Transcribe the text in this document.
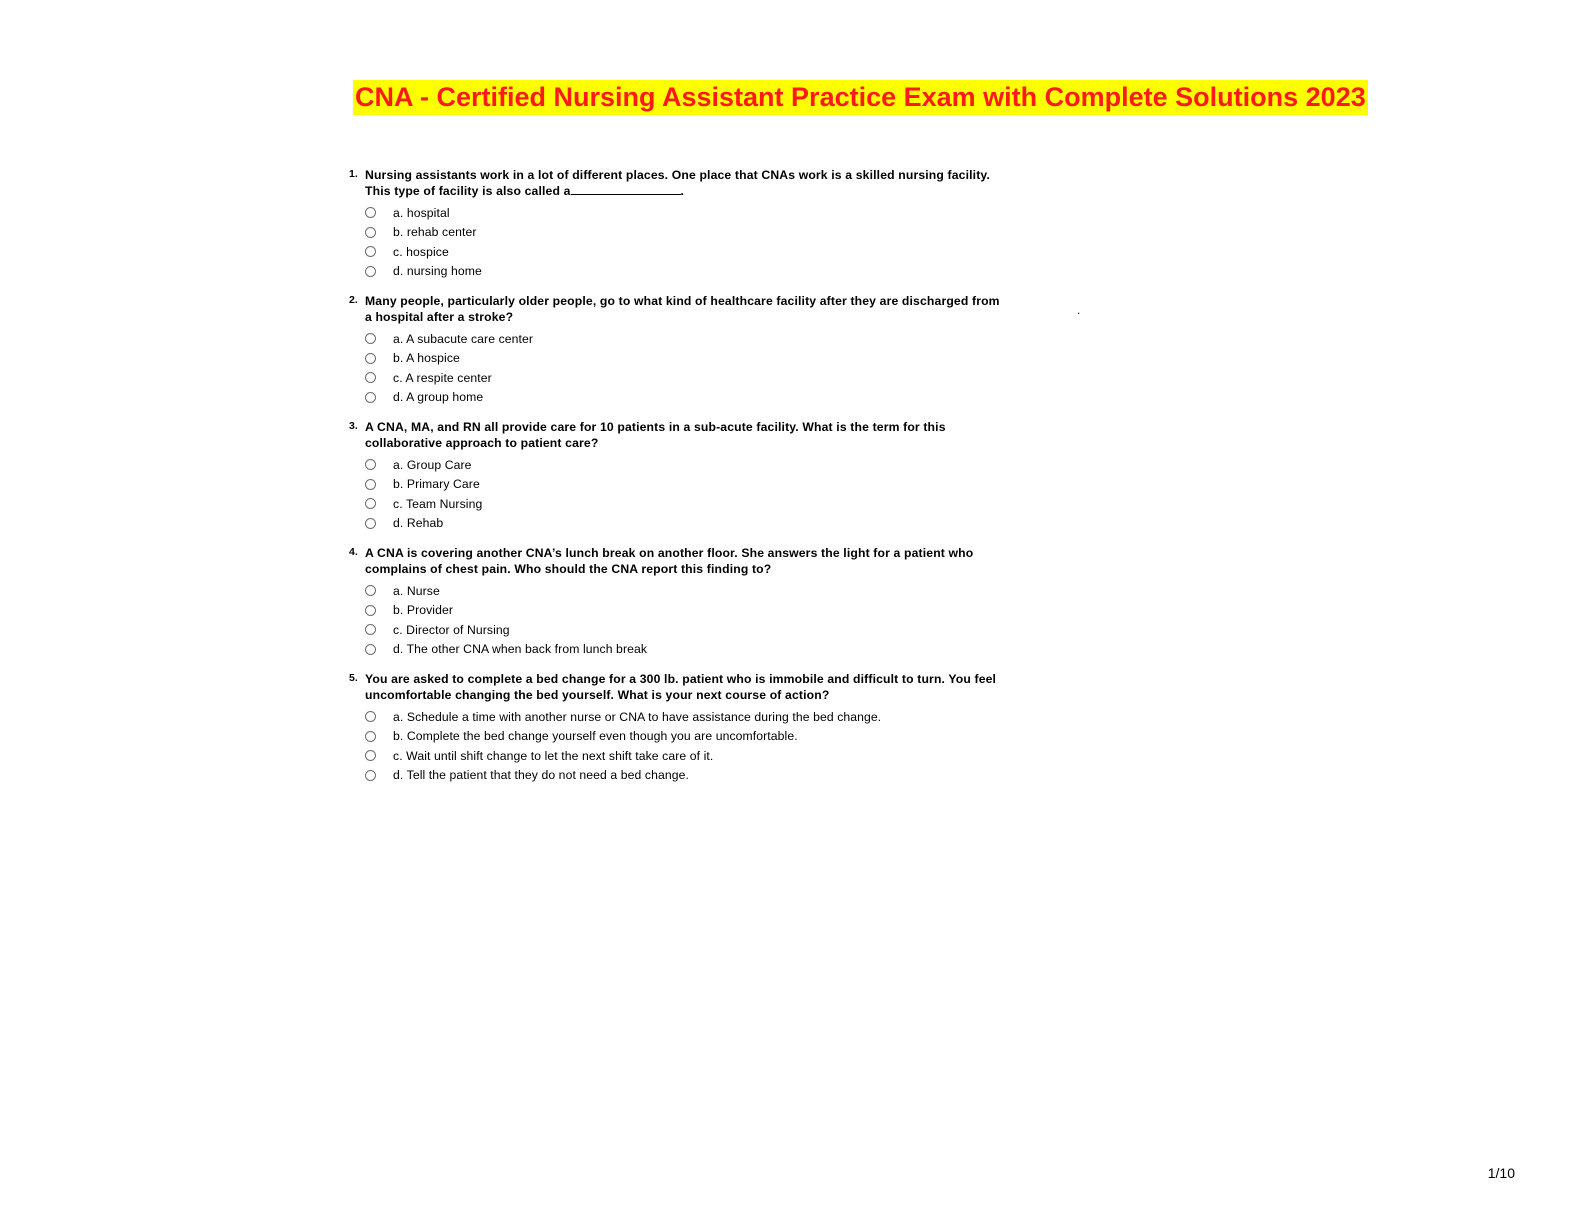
CNA - Certified Nursing Assistant Practice Exam with Complete Solutions 2023
1. Nursing assistants work in a lot of different places. One place that CNAs work is a skilled nursing facility. This type of facility is also called a	.
a. hospital
b. rehab center
c. hospice
d. nursing home
2. Many people, particularly older people, go to what kind of healthcare facility after they are discharged from a hospital after a stroke?
a. A subacute care center
b. A hospice
c. A respite center
d. A group home
3. A CNA, MA, and RN all provide care for 10 patients in a sub-acute facility. What is the term for this collaborative approach to patient care?
a. Group Care
b. Primary Care
c. Team Nursing
d. Rehab
4. A CNA is covering another CNA’s lunch break on another floor. She answers the light for a patient who complains of chest pain. Who should the CNA report this finding to?
a. Nurse
b. Provider
c. Director of Nursing
d. The other CNA when back from lunch break
5. You are asked to complete a bed change for a 300 lb. patient who is immobile and difficult to turn. You feel uncomfortable changing the bed yourself. What is your next course of action?
a. Schedule a time with another nurse or CNA to have assistance during the bed change.
b. Complete the bed change yourself even though you are uncomfortable.
c. Wait until shift change to let the next shift take care of it.
d. Tell the patient that they do not need a bed change.
.
1/10
